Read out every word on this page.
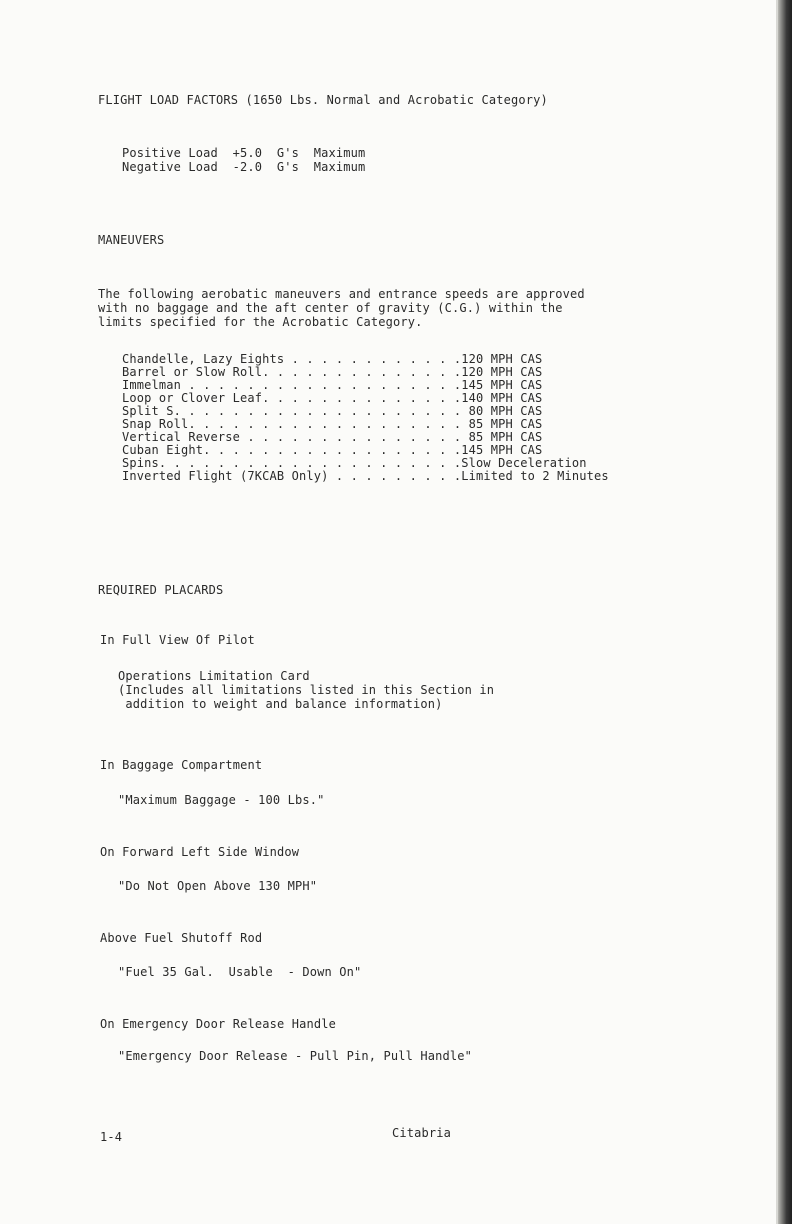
FLIGHT LOAD FACTORS (1650 Lbs. Normal and Acrobatic Category)
Positive Load  +5.0  G's  Maximum
Negative Load  -2.0  G's  Maximum
MANEUVERS
The following aerobatic maneuvers and entrance speeds are approved
with no baggage and the aft center of gravity (C.G.) within the
limits specified for the Acrobatic Category.
Chandelle, Lazy Eights . . . . . . . . . . . .120 MPH CAS
Barrel or Slow Roll. . . . . . . . . . . . . .120 MPH CAS
Immelman . . . . . . . . . . . . . . . . . . .145 MPH CAS
Loop or Clover Leaf. . . . . . . . . . . . . .140 MPH CAS
Split S. . . . . . . . . . . . . . . . . . . . 80 MPH CAS
Snap Roll. . . . . . . . . . . . . . . . . . . 85 MPH CAS
Vertical Reverse . . . . . . . . . . . . . . . 85 MPH CAS
Cuban Eight. . . . . . . . . . . . . . . . . .145 MPH CAS
Spins. . . . . . . . . . . . . . . . . . . . .Slow Deceleration
Inverted Flight (7KCAB Only) . . . . . . . . .Limited to 2 Minutes
REQUIRED PLACARDS
In Full View Of Pilot
Operations Limitation Card
(Includes all limitations listed in this Section in
addition to weight and balance information)
In Baggage Compartment
"Maximum Baggage - 100 Lbs."
On Forward Left Side Window
"Do Not Open Above 130 MPH"
Above Fuel Shutoff Rod
"Fuel 35 Gal.  Usable  - Down On"
On Emergency Door Release Handle
"Emergency Door Release - Pull Pin, Pull Handle"
1-4	Citabria
